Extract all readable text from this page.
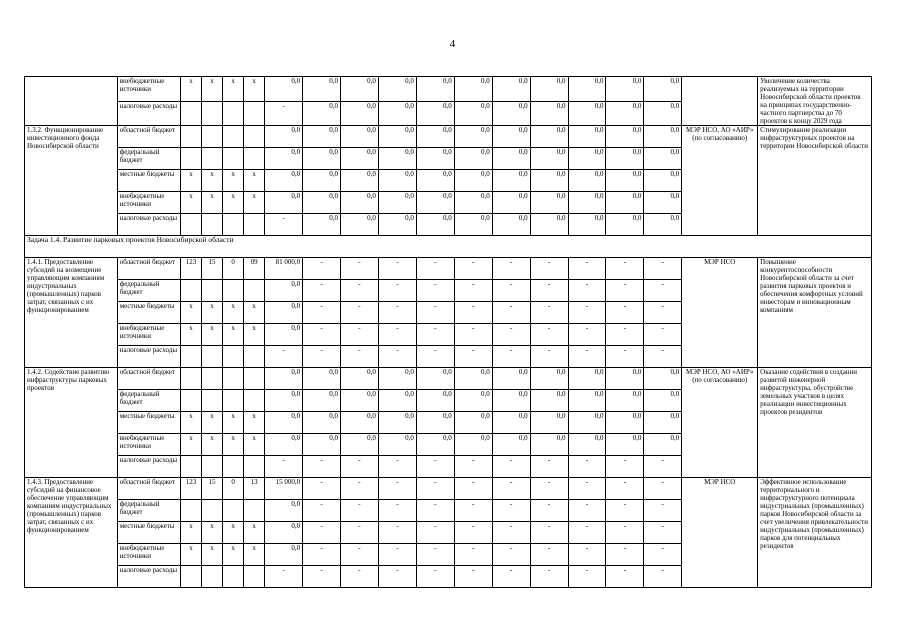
4
	внебюджетные источники	x	x	x	x	0,0	0,0	0,0	0,0	0,0	0,0	0,0	0,0	0,0	0,0	0,0		Увеличение количества реализуемых на территории Новосибирской области проектов на принципах государственно-частного партнерства до 70 проектов к концу 2029 года
	налоговые расходы					-	0,0	0,0	0,0	0,0	0,0	0,0	0,0	0,0	0,0	0,0		
1.3.2. Функционирование инвестиционного фонда Новосибирской области	областной бюджет					0,0	0,0	0,0	0,0	0,0	0,0	0,0	0,0	0,0	0,0	0,0	МЭР НСО, АО «АИР» (по согласованию)	Стимулирование реализации инфраструктурных проектов на территории Новосибирской области
	федеральный бюджет					0,0	0,0	0,0	0,0	0,0	0,0	0,0	0,0	0,0	0,0	0,0		
	местные бюджеты	x	x	x	x	0,0	0,0	0,0	0,0	0,0	0,0	0,0	0,0	0,0	0,0	0,0		
	внебюджетные источники	x	x	x	x	0,0	0,0	0,0	0,0	0,0	0,0	0,0	0,0	0,0	0,0	0,0		
	налоговые расходы					-	0,0	0,0	0,0	0,0	0,0	0,0	0,0	0,0	0,0	0,0		
Задача 1.4. Развитие парковых проектов Новосибирской области																		
1.4.1. Предоставление субсидий на возмещение управляющим компаниям индустриальных (промышленных) парков затрат, связанных с их функционированием	областной бюджет	123	15	0	09	81 000,0	-	-	-	-	-	-	-	-	-	-	МЭР НСО	Повышение конкурентоспособности Новосибирской области за счет развития парковых проектов и обеспечения комфортных условий инвесторам и инновационным компаниям
	федеральный бюджет					0,0	-	-	-	-	-	-	-	-	-	-		
	местные бюджеты	x	x	x	x	0,0	-	-	-	-	-	-	-	-	-	-		
	внебюджетные источники	x	x	x	x	0,0	-	-	-	-	-	-	-	-	-	-		
	налоговые расходы					-	-	-	-	-	-	-	-	-	-	-		
1.4.2. Содействие развитию инфраструктуры парковых проектов	областной бюджет					0,0	0,0	0,0	0,0	0,0	0,0	0,0	0,0	0,0	0,0	0,0	МЭР НСО, АО «АИР» (по согласованию)	Оказание содействия в создании развитой инженерной инфраструктуры, обустройстве земельных участков в целях реализации инвестиционных проектов резидентов
	федеральный бюджет					0,0	0,0	0,0	0,0	0,0	0,0	0,0	0,0	0,0	0,0	0,0		
	местные бюджеты	x	x	x	x	0,0	0,0	0,0	0,0	0,0	0,0	0,0	0,0	0,0	0,0	0,0		
	внебюджетные источники	x	x	x	x	0,0	0,0	0,0	0,0	0,0	0,0	0,0	0,0	0,0	0,0	0,0		
	налоговые расходы					-	-	-	-	-	-	-	-	-	-	-		
1.4.3. Предоставление субсидий на финансовое обеспечение управляющим компаниям индустриальных (промышленных) парков затрат, связанных с их функционированием	областной бюджет	123	15	0	13	15 000,0	-	-	-	-	-	-	-	-	-	-	МЭР НСО	Эффективное использование территориального и инфраструктурного потенциала индустриальных (промышленных) парков Новосибирской области за счет увеличения привлекательности индустриальных (промышленных) парков для потенциальных резидентов
	федеральный бюджет					0,0	-	-	-	-	-	-	-	-	-	-		
	местные бюджеты	x	x	x	x	0,0	-	-	-	-	-	-	-	-	-	-		
	внебюджетные источники	x	x	x	x	0,0	-	-	-	-	-	-	-	-	-	-		
	налоговые расходы					-	-	-	-	-	-	-	-	-	-	-		
